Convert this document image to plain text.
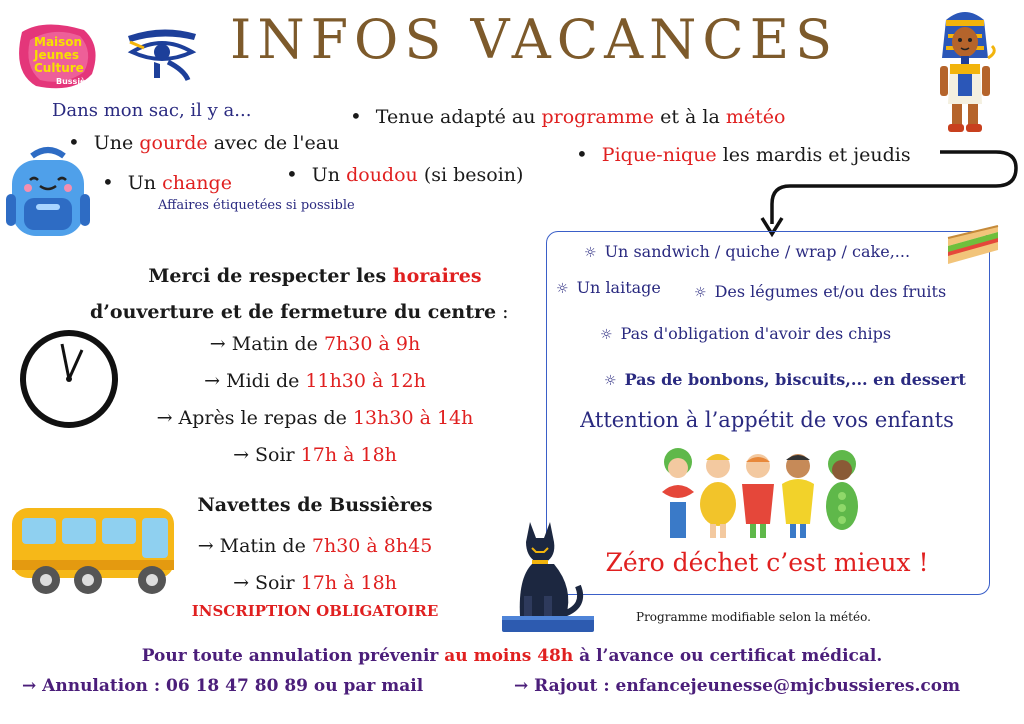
Maison
Jeunes
Culture
Bussières
INFOS VACANCES
Dans mon sac, il y a...
• Une gourde avec de l'eau
• Un change
•	Un doudou (si besoin)
• Tenue adapté au programme et à la météo
• Pique-nique les mardis et jeudis
Affaires étiquetées si possible
Merci de respecter les horaires
d’ouverture et de fermeture du centre :
→ Matin de 7h30 à 9h
→ Midi de 11h30 à 12h
→ Après le repas de 13h30 à 14h
→ Soir 17h à 18h
Navettes de Bussières
→ Matin de 7h30 à 8h45
→ Soir 17h à 18h
INSCRIPTION OBLIGATOIRE
☼ Un sandwich / quiche / wrap / cake,...
☼ Un laitage ☼ Des légumes et/ou des fruits
☼ Pas d'obligation d'avoir des chips
☼ Pas de bonbons, biscuits,... en dessert
Attention à l’appétit de vos enfants
Zéro déchet c’est mieux !
Programme modifiable selon la météo.
Pour toute annulation prévenir au moins 48h à l’avance ou certificat médical.
→ Annulation : 06 18 47 80 89 ou par mail	→ Rajout : enfancejeunesse@mjcbussieres.com
